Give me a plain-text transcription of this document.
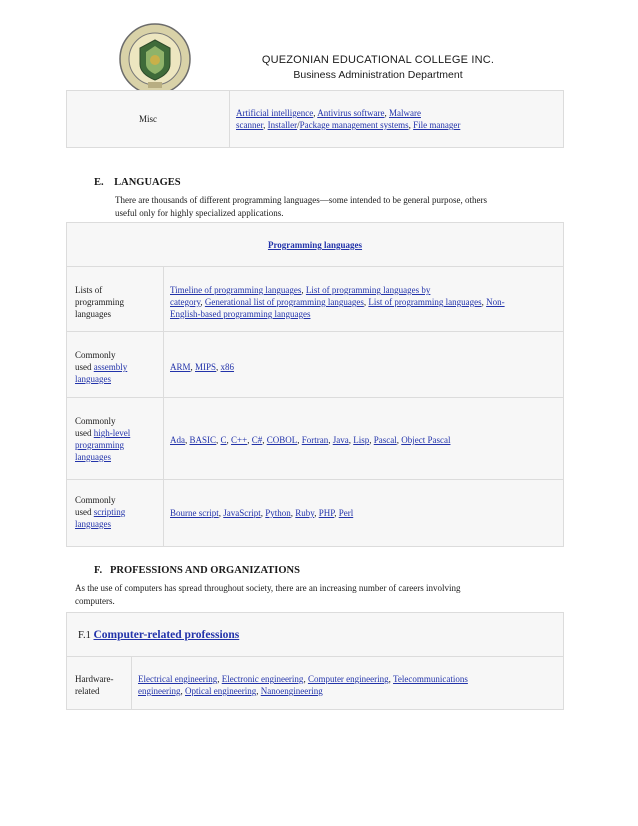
QUEZONIAN EDUCATIONAL COLLEGE INC.
Business Administration Department
Misc
Artificial intelligence, Antivirus software, Malware
scanner, Installer/Package management systems, File manager
E.    LANGUAGES
There are thousands of different programming languages—some intended to be general purpose, others
useful only for highly specialized applications.
Programming languages
Lists of
programming
languages
Timeline of programming languages, List of programming languages by
category, Generational list of programming languages, List of programming languages, Non-
English-based programming languages
Commonly
used assembly
languages
ARM, MIPS, x86
Commonly
used high-level
programming
languages
Ada, BASIC, C, C++, C#, COBOL, Fortran, Java, Lisp, Pascal, Object Pascal
Commonly
used scripting
languages
Bourne script, JavaScript, Python, Ruby, PHP, Perl
F.   PROFESSIONS AND ORGANIZATIONS
As the use of computers has spread throughout society, there are an increasing number of careers involving
computers.
F.1 Computer-related professions
Hardware-
related
Electrical engineering, Electronic engineering, Computer engineering, Telecommunications
engineering, Optical engineering, Nanoengineering
